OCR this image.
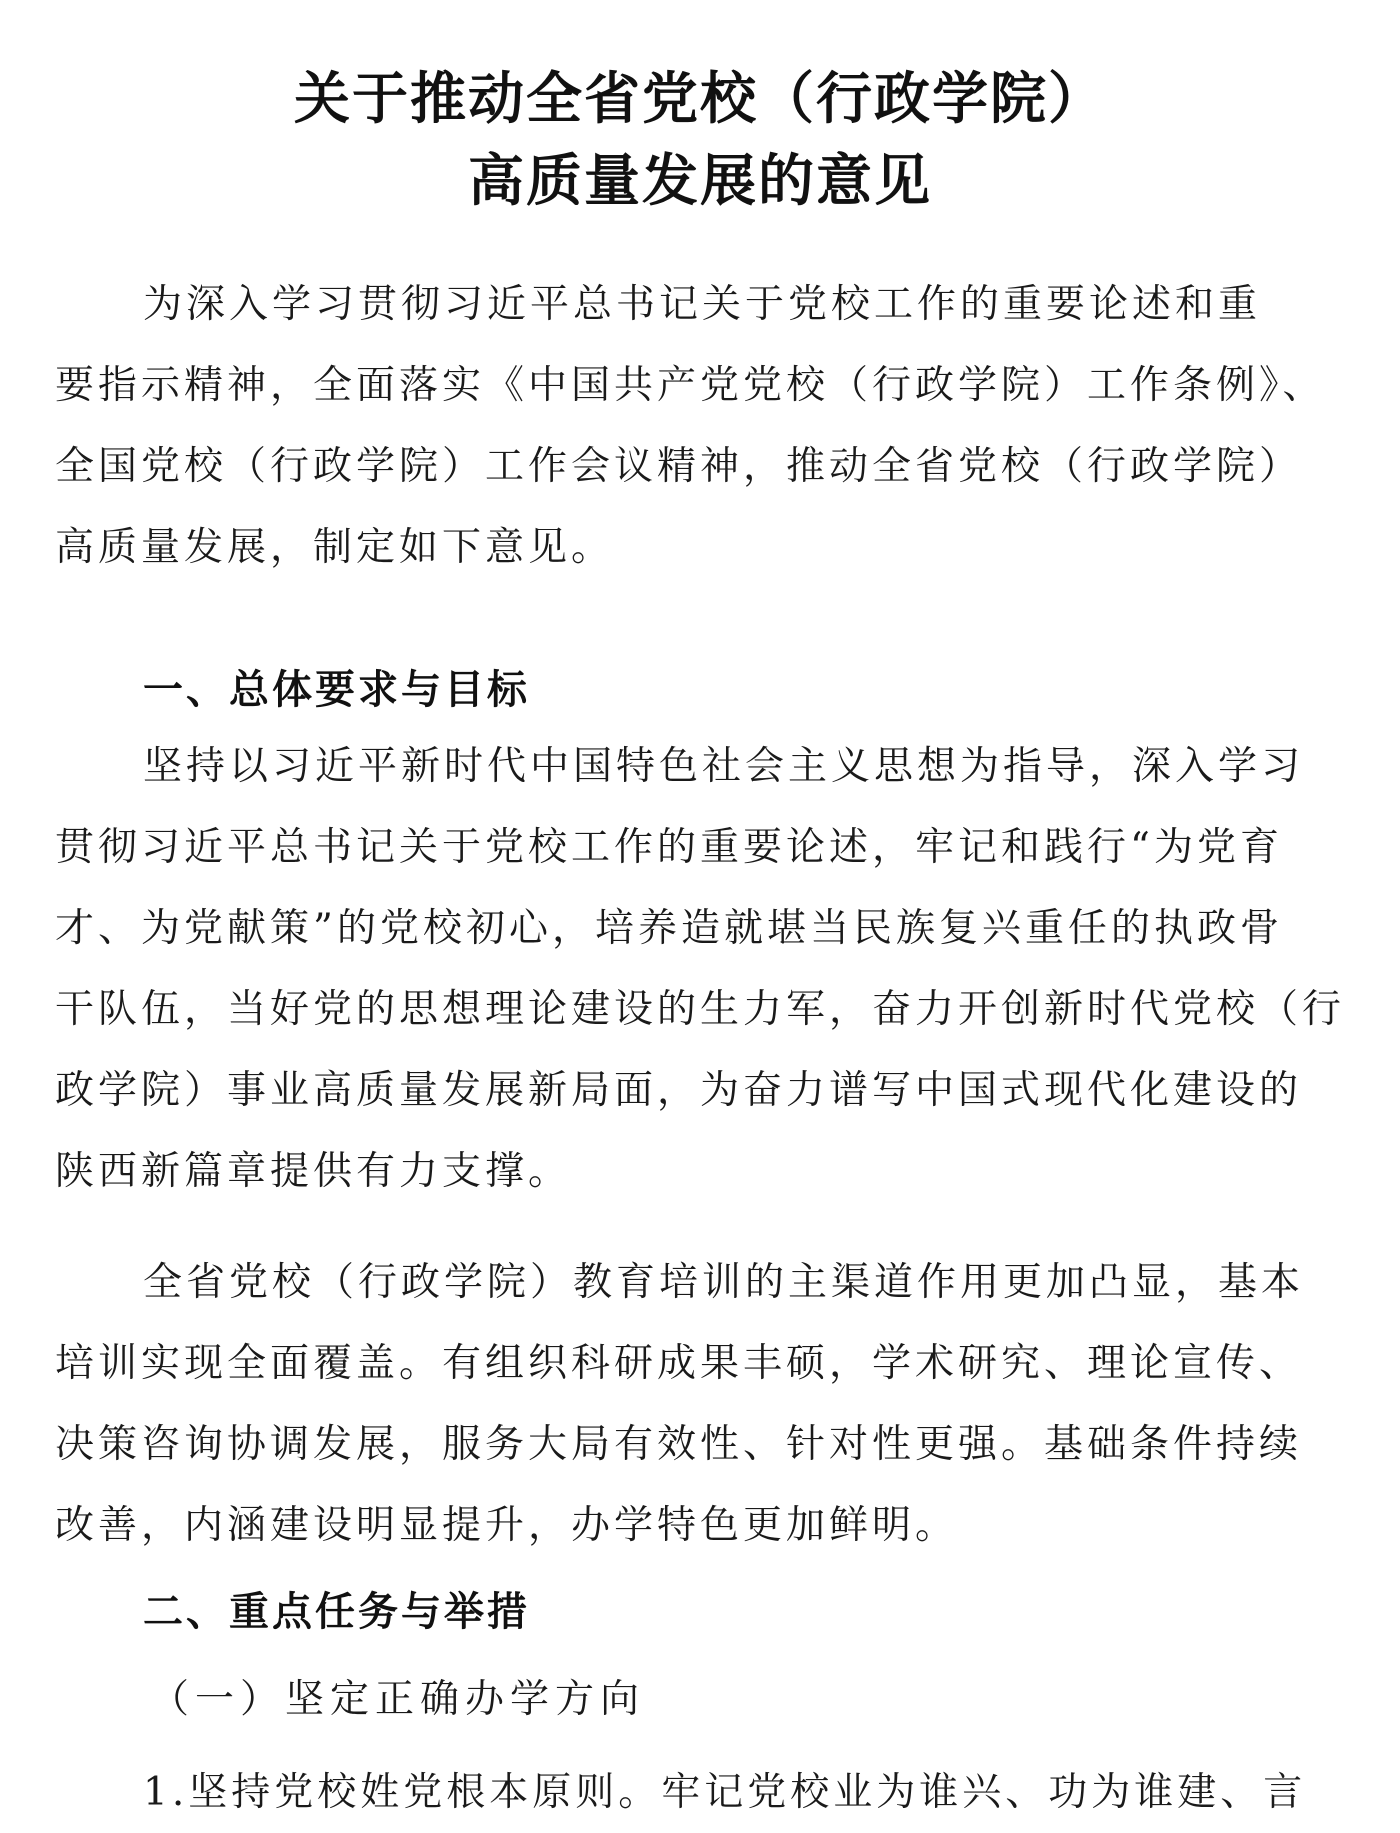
关于推动全省党校（行政学院）
高质量发展的意见
为深入学习贯彻习近平总书记关于党校工作的重要论述和重
要指示精神，全面落实《中国共产党党校（行政学院）工作条例》、
全国党校（行政学院）工作会议精神，推动全省党校（行政学院）
高质量发展，制定如下意见。
一、总体要求与目标
坚持以习近平新时代中国特色社会主义思想为指导，深入学习
贯彻习近平总书记关于党校工作的重要论述，牢记和践行“为党育
才、为党献策”的党校初心，培养造就堪当民族复兴重任的执政骨
干队伍，当好党的思想理论建设的生力军，奋力开创新时代党校（行
政学院）事业高质量发展新局面，为奋力谱写中国式现代化建设的
陕西新篇章提供有力支撑。
全省党校（行政学院）教育培训的主渠道作用更加凸显，基本
培训实现全面覆盖。有组织科研成果丰硕，学术研究、理论宣传、
决策咨询协调发展，服务大局有效性、针对性更强。基础条件持续
改善，内涵建设明显提升，办学特色更加鲜明。
二、重点任务与举措
（一）坚定正确办学方向
1.坚持党校姓党根本原则。牢记党校业为谁兴、功为谁建、言
